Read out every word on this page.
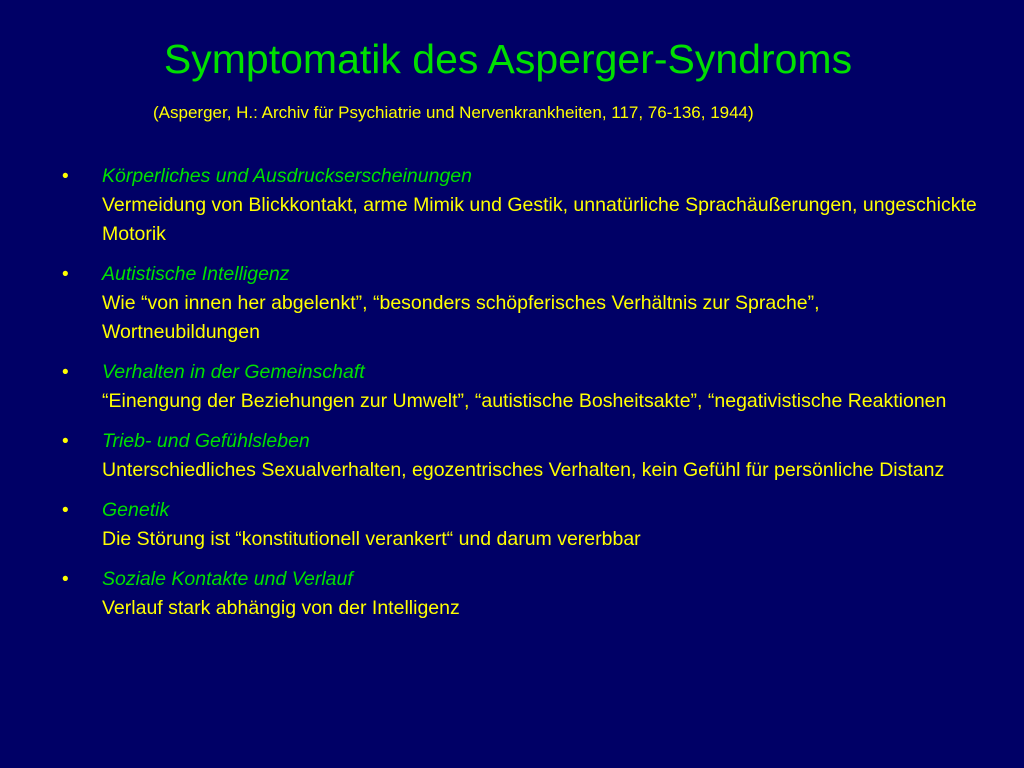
Symptomatik des Asperger-Syndroms

(Asperger, H.: Archiv für Psychiatrie und Nervenkrankheiten, 117, 76-136, 1944)

• Körperliches und Ausdruckserscheinungen
Vermeidung von Blickkontakt, arme Mimik und Gestik, unnatürliche Sprachäußerungen, ungeschickte Motorik
• Autistische Intelligenz
Wie “von innen her abgelenkt”, “besonders schöpferisches Verhältnis zur Sprache”, Wortneubildungen
• Verhalten in der Gemeinschaft
“Einengung der Beziehungen zur Umwelt”, “autistische Bosheitsakte”, “negativistische Reaktionen
• Trieb- und Gefühlsleben
Unterschiedliches Sexualverhalten, egozentrisches Verhalten, kein Gefühl für persönliche Distanz
• Genetik
Die Störung ist “konstitutionell verankert“ und darum vererbbar
• Soziale Kontakte und Verlauf
Verlauf stark abhängig von der Intelligenz
